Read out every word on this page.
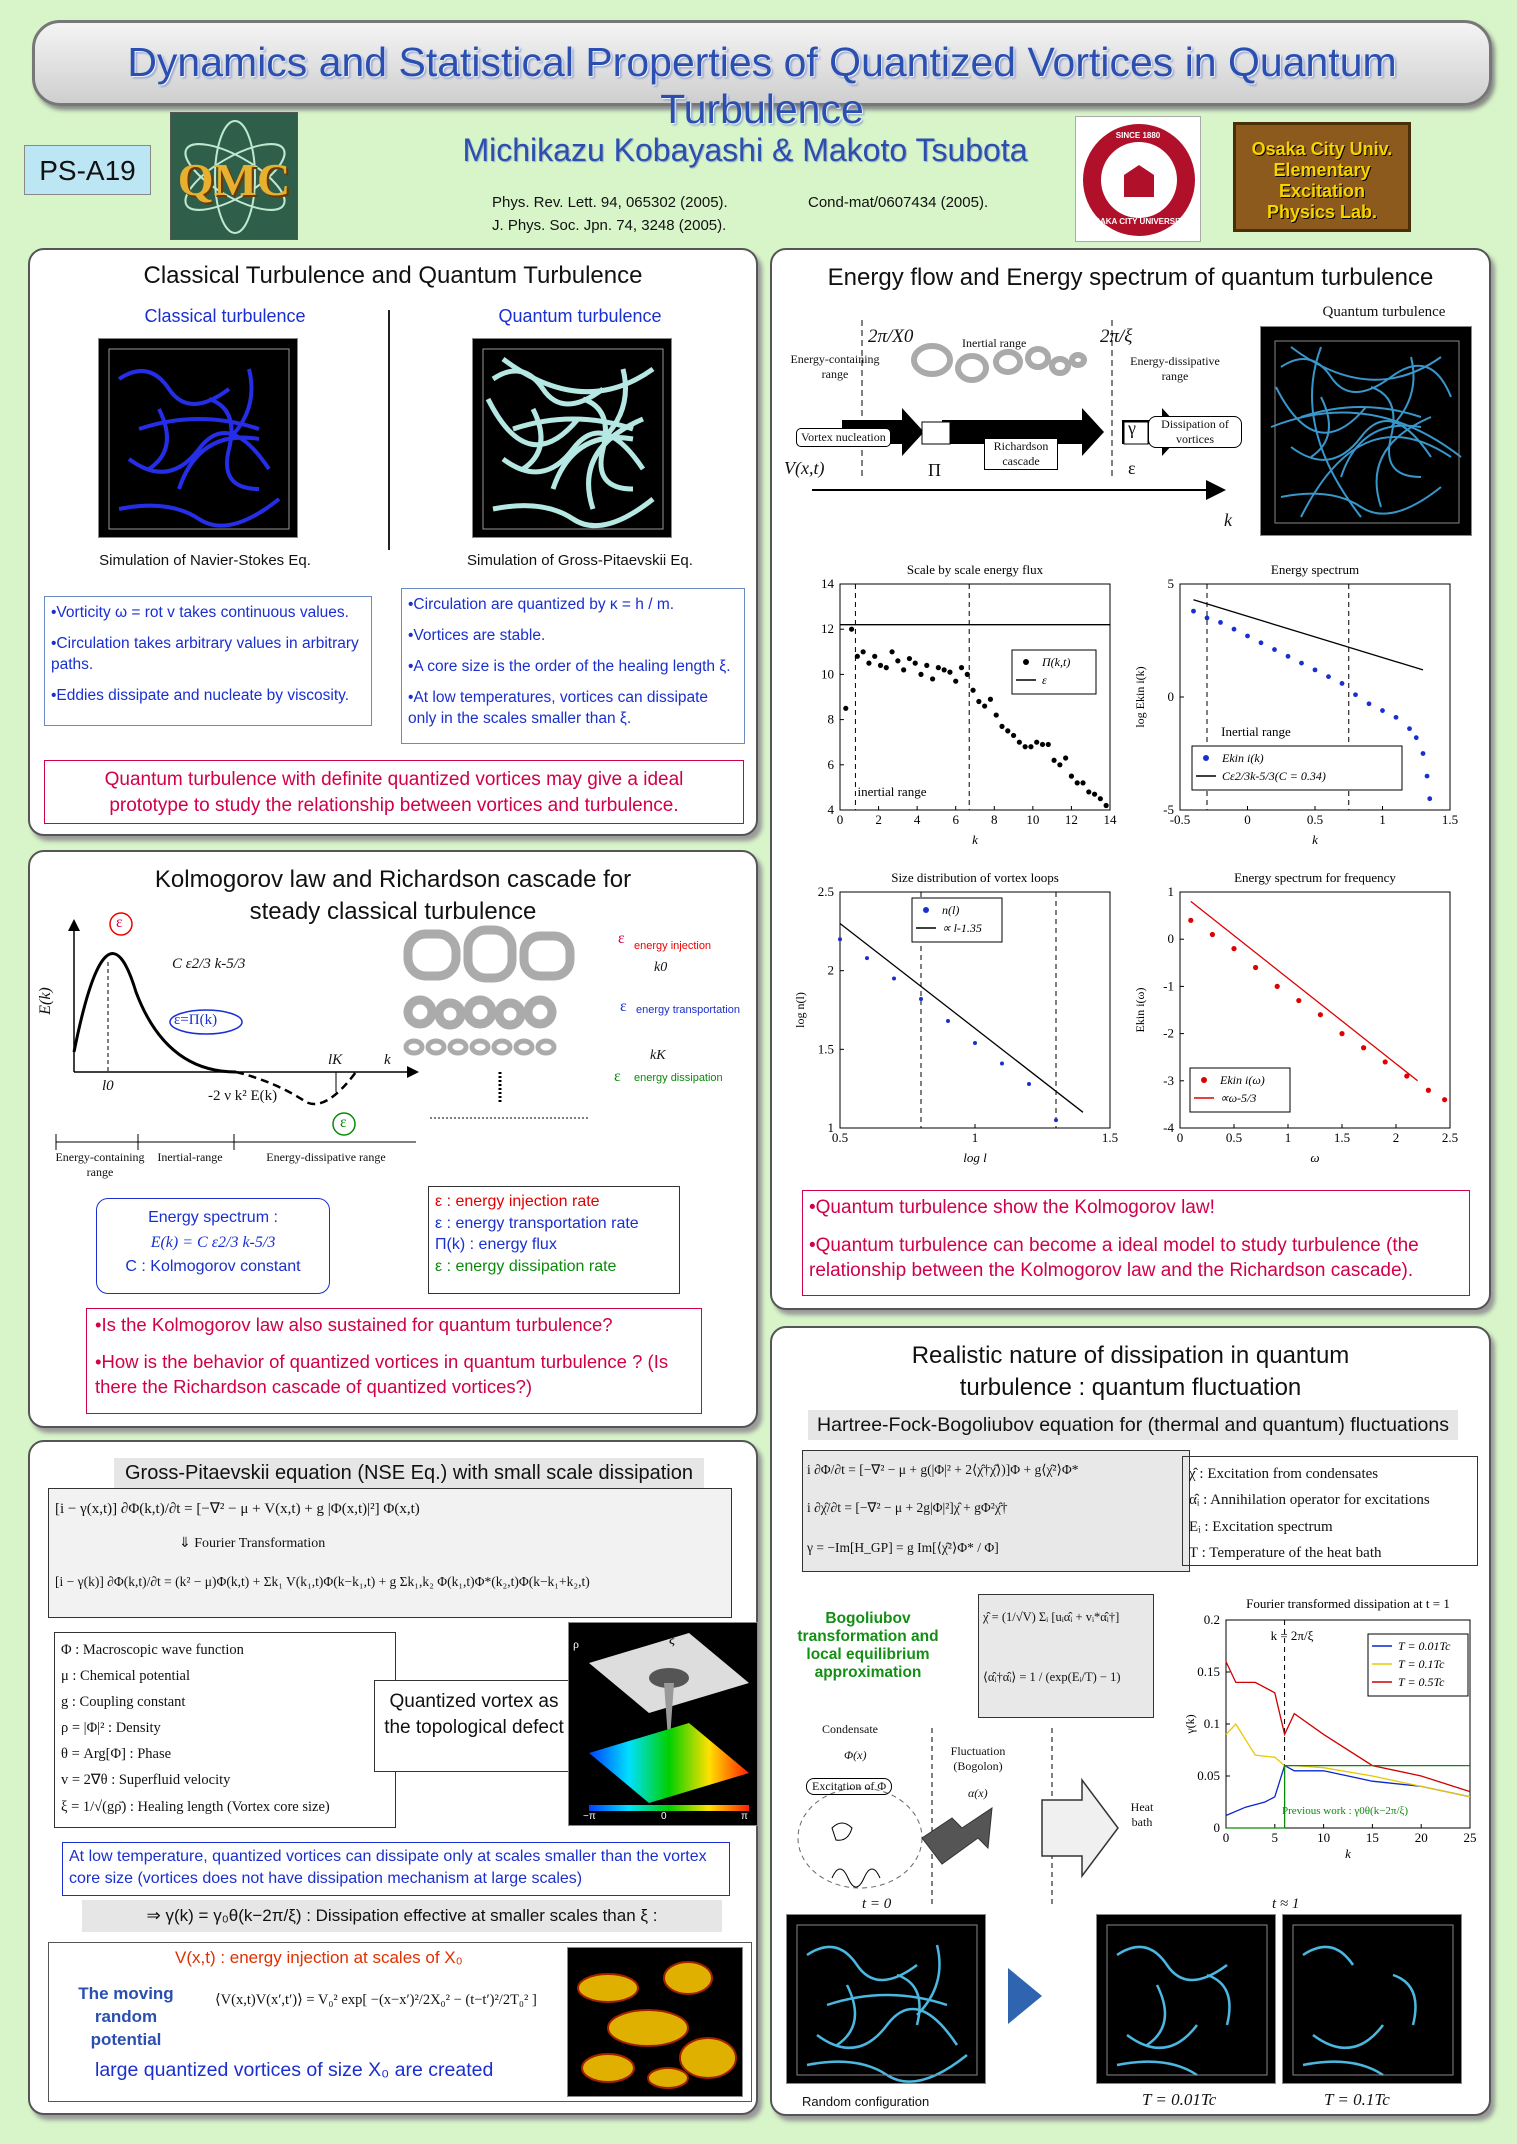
Dynamics and Statistical Properties of Quantized Vortices in Quantum Turbulence
PS-A19 QMC
Michikazu Kobayashi & Makoto Tsubota
Phys. Rev. Lett. 94, 065302 (2005).
J. Phys. Soc. Jpn. 74, 3248 (2005).
Cond-mat/0607434 (2005).
SINCE 1880
OSAKA CITY UNIVERSITY
Osaka City Univ.
Elementary Excitation
Physics Lab.
Classical Turbulence and Quantum Turbulence
Classical turbulence	Quantum turbulence
Simulation of Navier-Stokes Eq.	Simulation of Gross-Pitaevskii Eq.
•Vorticity ω = rot v takes continuous values.
•Circulation takes arbitrary values in arbitrary paths.
•Eddies dissipate and nucleate by viscosity.
•Circulation are quantized by κ = h / m.
•Vortices are stable.
•A core size is the order of the healing length ξ.
•At low temperatures, vortices can dissipate only in the scales smaller than ξ.
Quantum turbulence with definite quantized vortices may give a ideal prototype to study the relationship between vortices and turbulence.
Kolmogorov law and Richardson cascade for steady classical turbulence
E(k)
ε
C ε2/3 k-5/3
ε=Π(k)
-2 ν k² E(k)
ε
l0
lK	k
Energy-containing range
Inertial-range	Energy-dissipative range
ε energy injection
k0
ε energy transportation
kK
ε energy dissipation
Energy spectrum :
E(k) = C ε2/3 k-5/3
C : Kolmogorov constant
ε : energy injection rate
ε : energy transportation rate
Π(k) : energy flux
ε : energy dissipation rate
•Is the Kolmogorov law also sustained for quantum turbulence?
•How is the behavior of quantized vortices in quantum turbulence ? (Is there the Richardson cascade of quantized vortices?)
Gross-Pitaevskii equation (NSE Eq.) with small scale dissipation
[i − γ(x,t)] ∂Φ(k,t)/∂t = [−∇² − μ + V(x,t) + g |Φ(x,t)|²] Φ(x,t)
⇓ Fourier Transformation
[i − γ(k)] ∂Φ(k,t)/∂t = (k² − μ)Φ(k,t) + Σk₁ V(k₁,t)Φ(k−k₁,t) + g Σk₁,k₂ Φ(k₁,t)Φ*(k₂,t)Φ(k−k₁+k₂,t)
Φ : Macroscopic wave function
μ : Chemical potential
g : Coupling constant
ρ = |Φ|² : Density
θ = Arg[Φ] : Phase
v = 2∇θ : Superfluid velocity
ξ = 1/√(gρ̄) : Healing length (Vortex core size)
Quantized vortex as the topological defect
ρ	ξ
−π	0	π
At low temperature, quantized vortices can dissipate only at scales smaller than the vortex core size (vortices does not have dissipation mechanism at large scales)
⇒ γ(k) = γ₀θ(k−2π/ξ) : Dissipation effective at smaller scales than ξ :
V(x,t) : energy injection at scales of X₀
The moving random potential
⟨V(x,t)V(x′,t′)⟩ = V₀² exp[ −(x−x′)²/2X₀² − (t−t′)²/2T₀² ]
large quantized vortices of size X₀ are created
Energy flow and Energy spectrum of quantum turbulence
2π/X0	2π/ξ
Energy-containing range
Inertial range
Energy-dissipative range
Vortex nucleation
Richardson cascade
Dissipation of vortices
V(x,t)	Π	ε
γ
k
Quantum turbulence
Scale by scale energy flux
0 2 4 6 8 10 12 14
4
6
8
10
12
14
k
Π(k,t)
ε
inertial range
Energy spectrum
-0.5	0	0.5	1	1.5
-5
0
5
k
log Ekin i(k)
Ekin i(k)
Cε2/3k-5/3(C = 0.34)
Inertial range
Size distribution of vortex loops
0.5	1	1.5
1
1.5
2
2.5
log l
log n(l)
n(l)
∝ l-1.35
Energy spectrum for frequency
0	0.5	1	1.5	2	2.5
-4
-3
-2
-1
0
1
ω
Ekin i(ω)
Ekin i(ω)
∝ω-5/3
•Quantum turbulence show the Kolmogorov law!
•Quantum turbulence can become a ideal model to study turbulence (the relationship between the Kolmogorov law and the Richardson cascade).
Realistic nature of dissipation in quantum turbulence : quantum fluctuation
Hartree-Fock-Bogoliubov equation for (thermal and quantum) fluctuations
i ∂Φ/∂t = [−∇² − μ + g(|Φ|² + 2⟨χ̂†χ̂⟩)]Φ + g⟨χ̂²⟩Φ*
i ∂χ̂/∂t = [−∇² − μ + 2g|Φ|²]χ̂ + gΦ²χ̂†
γ = −Im[H_GP] = g Im[⟨χ̂²⟩Φ* / Φ]
χ̂ : Excitation from condensates
α̂ᵢ : Annihilation operator for excitations
Eᵢ : Excitation spectrum
T : Temperature of the heat bath
Bogoliubov transformation and local equilibrium approximation
χ̂ = (1/√V) Σᵢ [uᵢα̂ᵢ + vᵢ*α̂ᵢ†]
⟨α̂ᵢ†α̂ᵢ⟩ = 1 / (exp(Eᵢ/T) − 1)
Condensate
Φ(x)
Excitation of Φ
Fluctuation (Bogolon)
α(x)
Heat bath
Fourier transformed dissipation at t = 1
0	5	10	15	20	25
0
0.05
0.1
0.15
0.2
k
γ(k)
T = 0.01Tc
T = 0.1Tc
T = 0.5Tc
k = 2π/ξ
Previous work : γ0θ(k−2π/ξ)
t = 0	t ≈ 1
Random configuration	T = 0.01Tc	T = 0.1Tc
